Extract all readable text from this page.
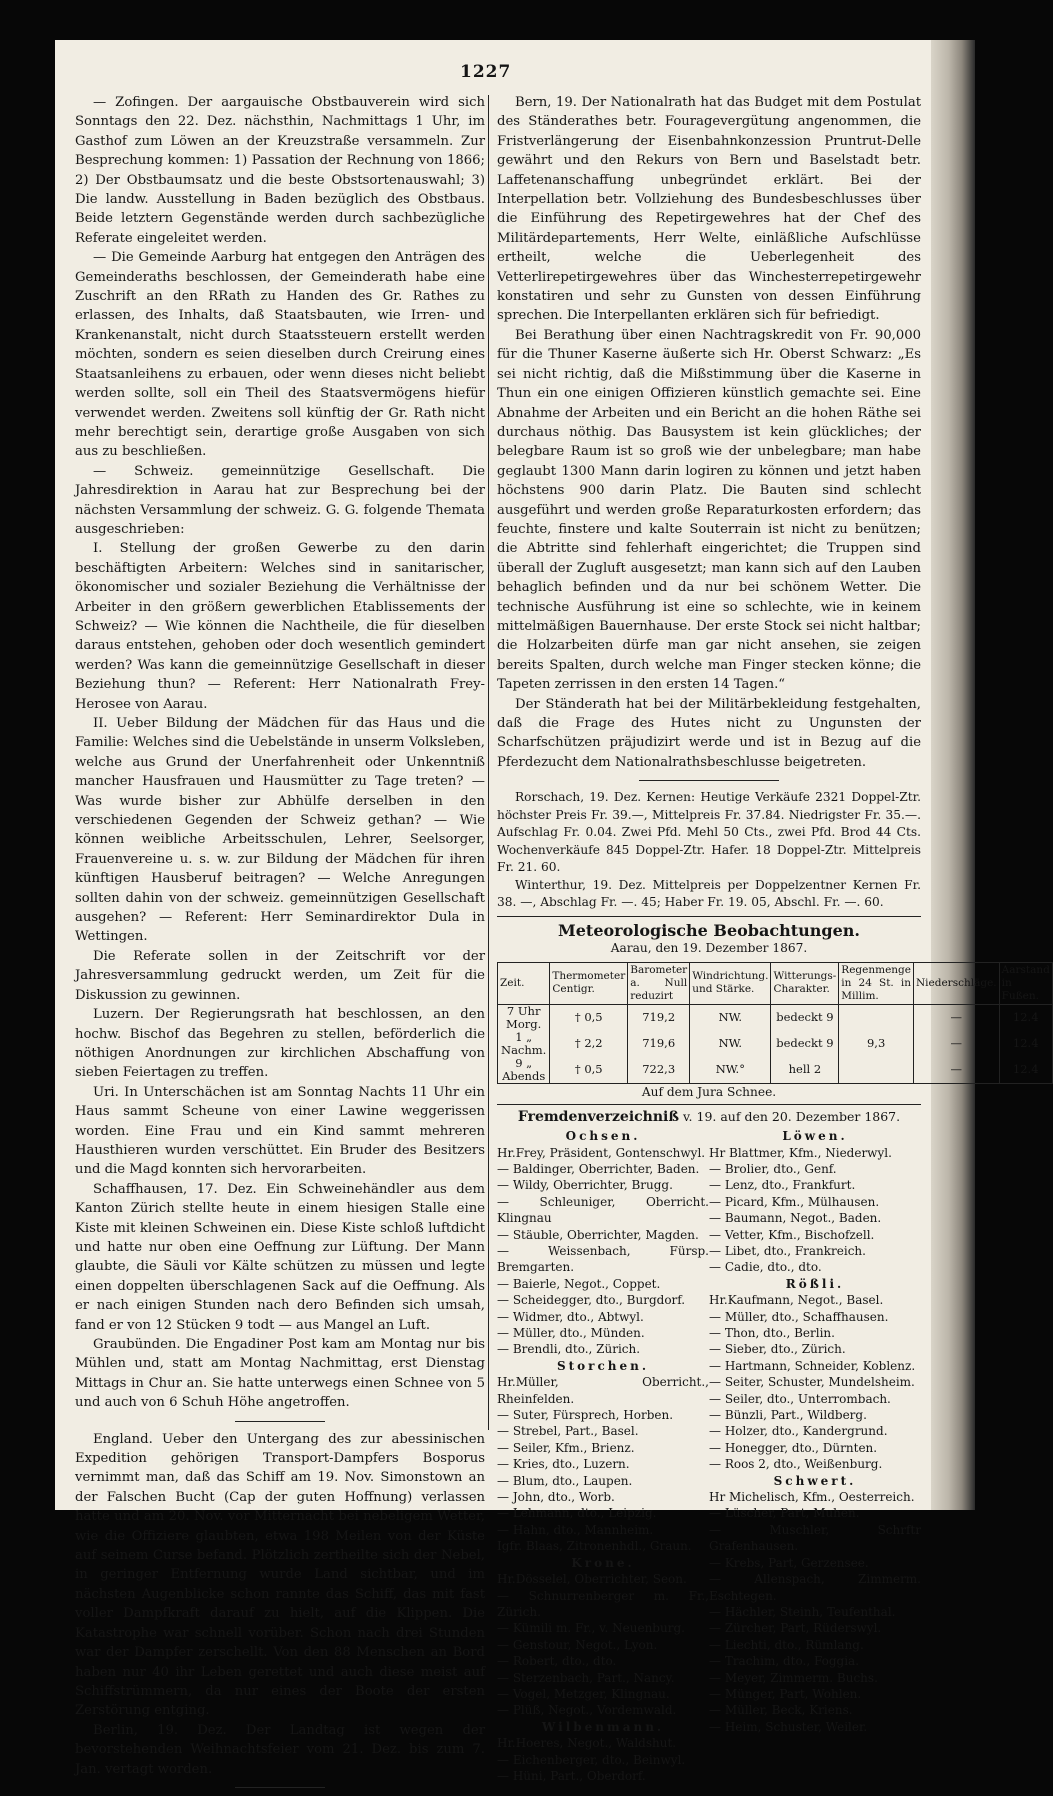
1227

— Zofingen. Der aargauische Obstbauverein wird sich Sonntags den 22. Dez. nächsthin, Nachmittags 1 Uhr, im Gasthof zum Löwen an der Kreuzstraße versammeln. Zur Besprechung kommen: 1) Passation der Rechnung von 1866; 2) Der Obstbaumsatz und die beste Obstsortenauswahl; 3) Die landw. Ausstellung in Baden bezüglich des Obstbaus. Beide letztern Gegenstände werden durch sachbezügliche Referate eingeleitet werden.

— Die Gemeinde Aarburg hat entgegen den Anträgen des Gemeinderaths beschlossen, der Gemeinderath habe eine Zuschrift an den RRath zu Handen des Gr. Rathes zu erlassen, des Inhalts, daß Staatsbauten, wie Irren- und Krankenanstalt, nicht durch Staatssteuern erstellt werden möchten, sondern es seien dieselben durch Creirung eines Staatsanleihens zu erbauen, oder wenn dieses nicht beliebt werden sollte, soll ein Theil des Staatsvermögens hiefür verwendet werden. Zweitens soll künftig der Gr. Rath nicht mehr berechtigt sein, derartige große Ausgaben von sich aus zu beschließen.

— Schweiz. gemeinnützige Gesellschaft. Die Jahresdirektion in Aarau hat zur Besprechung bei der nächsten Versammlung der schweiz. G. G. folgende Themata ausgeschrieben:

I. Stellung der großen Gewerbe zu den darin beschäftigten Arbeitern: Welches sind in sanitarischer, ökonomischer und sozialer Beziehung die Verhältnisse der Arbeiter in den größern gewerblichen Etablissements der Schweiz? — Wie können die Nachtheile, die für dieselben daraus entstehen, gehoben oder doch wesentlich gemindert werden? Was kann die gemeinnützige Gesellschaft in dieser Beziehung thun? — Referent: Herr Nationalrath Frey-Herosee von Aarau.

II. Ueber Bildung der Mädchen für das Haus und die Familie: Welches sind die Uebelstände in unserm Volksleben, welche aus Grund der Unerfahrenheit oder Unkenntniß mancher Hausfrauen und Hausmütter zu Tage treten? — Was wurde bisher zur Abhülfe derselben in den verschiedenen Gegenden der Schweiz gethan? — Wie können weibliche Arbeitsschulen, Lehrer, Seelsorger, Frauenvereine u. s. w. zur Bildung der Mädchen für ihren künftigen Hausberuf beitragen? — Welche Anregungen sollten dahin von der schweiz. gemeinnützigen Gesellschaft ausgehen? — Referent: Herr Seminardirektor Dula in Wettingen.

Die Referate sollen in der Zeitschrift vor der Jahresversammlung gedruckt werden, um Zeit für die Diskussion zu gewinnen.

Luzern. Der Regierungsrath hat beschlossen, an den hochw. Bischof das Begehren zu stellen, beförderlich die nöthigen Anordnungen zur kirchlichen Abschaffung von sieben Feiertagen zu treffen.

Uri. In Unterschächen ist am Sonntag Nachts 11 Uhr ein Haus sammt Scheune von einer Lawine weggerissen worden. Eine Frau und ein Kind sammt mehreren Hausthieren wurden verschüttet. Ein Bruder des Besitzers und die Magd konnten sich hervorarbeiten.

Schaffhausen, 17. Dez. Ein Schweinehändler aus dem Kanton Zürich stellte heute in einem hiesigen Stalle eine Kiste mit kleinen Schweinen ein. Diese Kiste schloß luftdicht und hatte nur oben eine Oeffnung zur Lüftung. Der Mann glaubte, die Säuli vor Kälte schützen zu müssen und legte einen doppelten überschlagenen Sack auf die Oeffnung. Als er nach einigen Stunden nach dero Befinden sich umsah, fand er von 12 Stücken 9 todt — aus Mangel an Luft.

Graubünden. Die Engadiner Post kam am Montag nur bis Mühlen und, statt am Montag Nachmittag, erst Dienstag Mittags in Chur an. Sie hatte unterwegs einen Schnee von 5 und auch von 6 Schuh Höhe angetroffen.

England. Ueber den Untergang des zur abessinischen Expedition gehörigen Transport-Dampfers Bosporus vernimmt man, daß das Schiff am 19. Nov. Simonstown an der Falschen Bucht (Cap der guten Hoffnung) verlassen hatte und am 20. Nov. vor Mitternacht bei nebeligem Wetter, wie die Offiziere glaubten, etwa 198 Meilen von der Küste auf seinem Curse befand. Plötzlich zertheilte sich der Nebel, in geringer Entfernung wurde Land sichtbar, und im nächsten Augenblicke schon rannte das Schiff, das mit fast voller Dampfkraft darauf zu hielt, auf die Klippen. Die Katastrophe war schnell vorüber. Schon nach drei Stunden war der Dampfer zerschellt. Von den 88 Menschen an Bord haben nur 40 ihr Leben gerettet und auch diese meist auf Schiffstrümmern, da nur eines der Boote der ersten Zerstörung entging.

Berlin, 19. Dez. Der Landtag ist wegen der bevorstehenden Weihnachtsfeier vom 21. Dez. bis zum 7. Jan. vertagt worden.

Bern, 19. Der Nationalrath hat das Budget mit dem Postulat des Ständerathes betr. Fouragevergütung angenommen, die Fristverlängerung der Eisenbahnkonzession Pruntrut-Delle gewährt und den Rekurs von Bern und Baselstadt betr. Laffetenanschaffung unbegründet erklärt. Bei der Interpellation betr. Vollziehung des Bundesbeschlusses über die Einführung des Repetirgewehres hat der Chef des Militärdepartements, Herr Welte, einläßliche Aufschlüsse ertheilt, welche die Ueberlegenheit des Vetterlirepetirgewehres über das Winchesterrepetirgewehr konstatiren und sehr zu Gunsten von dessen Einführung sprechen. Die Interpellanten erklären sich für befriedigt.

Bei Berathung über einen Nachtragskredit von Fr. 90,000 für die Thuner Kaserne äußerte sich Hr. Oberst Schwarz: „Es sei nicht richtig, daß die Mißstimmung über die Kaserne in Thun ein one einigen Offizieren künstlich gemachte sei. Eine Abnahme der Arbeiten und ein Bericht an die hohen Räthe sei durchaus nöthig. Das Bausystem ist kein glückliches; der belegbare Raum ist so groß wie der unbelegbare; man habe geglaubt 1300 Mann darin logiren zu können und jetzt haben höchstens 900 darin Platz. Die Bauten sind schlecht ausgeführt und werden große Reparaturkosten erfordern; das feuchte, finstere und kalte Souterrain ist nicht zu benützen; die Abtritte sind fehlerhaft eingerichtet; die Truppen sind überall der Zugluft ausgesetzt; man kann sich auf den Lauben behaglich befinden und da nur bei schönem Wetter. Die technische Ausführung ist eine so schlechte, wie in keinem mittelmäßigen Bauernhause. Der erste Stock sei nicht haltbar; die Holzarbeiten dürfe man gar nicht ansehen, sie zeigen bereits Spalten, durch welche man Finger stecken könne; die Tapeten zerrissen in den ersten 14 Tagen.“

Der Ständerath hat bei der Militärbekleidung festgehalten, daß die Frage des Hutes nicht zu Ungunsten der Scharfschützen präjudizirt werde und ist in Bezug auf die Pferdezucht dem Nationalrathsbeschlusse beigetreten.

Rorschach, 19. Dez. Kernen: Heutige Verkäufe 2321 Doppel-Ztr. höchster Preis Fr. 39.—, Mittelpreis Fr. 37.84. Niedrigster Fr. 35.—. Aufschlag Fr. 0.04. Zwei Pfd. Mehl 50 Cts., zwei Pfd. Brod 44 Cts. Wochenverkäufe 845 Doppel-Ztr. Hafer. 18 Doppel-Ztr. Mittelpreis Fr. 21. 60.

Winterthur, 19. Dez. Mittelpreis per Doppelzentner Kernen Fr. 38. —, Abschlag Fr. —. 45; Haber Fr. 19. 05, Abschl. Fr. —. 60.

Meteorologische Beobachtungen.
Aarau, den 19. Dezember 1867.
Zeit.	Thermometer Centigr.	Barometer a. Null reduzirt	Windrichtung. und Stärke.	Witterungs-Charakter.	Regenmenge in 24 St. in Millim.	Niederschläge.	Aarstand in Fußen.
7 Uhr Morg.	† 0,5	719,2	NW.	bedeckt 9		—	12.4
1 „ Nachm.	† 2,2	719,6	NW.	bedeckt 9	9,3	—	12.4
9 „ Abends	† 0,5	722,3	NW.°	hell 2		—	12.4
Auf dem Jura Schnee.
Fremdenverzeichniß v. 19. auf den 20. Dezember 1867.
Ochsen.
Hr.Frey, Präsident, Gontenschwyl.
— Baldinger, Oberrichter, Baden.
— Wildy, Oberrichter, Brugg.
— Schleuniger, Oberricht. Klingnau
— Stäuble, Oberrichter, Magden.
— Weissenbach, Fürsp. Bremgarten.
— Baierle, Negot., Coppet.
— Scheidegger, dto., Burgdorf.
— Widmer, dto., Abtwyl.
— Müller, dto., Münden.
— Brendli, dto., Zürich.
Storchen.
Hr.Müller, Oberricht., Rheinfelden.
— Suter, Fürsprech, Horben.
— Strebel, Part., Basel.
— Seiler, Kfm., Brienz.
— Kries, dto., Luzern.
— Blum, dto., Laupen.
— John, dto., Worb.
— Lehmann, dto., Leipzig.
— Hahn, dto., Mannheim.
Igfr. Blaas, Zitronenhdl., Graun.
Krone.
Hr.Dösselel, Oberrichter, Seon.
— Schnurrenberger m. Fr., Zürich.
— Kümili m. Fr., v. Neuenburg.
— Genstour, Negot., Lyon.
— Robert, dto., dto.
— Sterzenbach, Part., Nancy.
— Vogel, Metzger, Klingnau.
— Plüß, Negot., Vordemwald.
Wilbenmann.
Hr.Hoeres, Negot., Waldshut.
— Eichenberger, dto., Beinwyl.
— Hüni, Part., Oberdorf.
Löwen.
Hr Blattmer, Kfm., Niederwyl.
— Brolier, dto., Genf.
— Lenz, dto., Frankfurt.
— Picard, Kfm., Mülhausen.
— Baumann, Negot., Baden.
— Vetter, Kfm., Bischofzell.
— Libet, dto., Frankreich.
— Cadie, dto., dto.
Rößli.
Hr.Kaufmann, Negot., Basel.
— Müller, dto., Schaffhausen.
— Thon, dto., Berlin.
— Sieber, dto., Zürich.
— Hartmann, Schneider, Koblenz.
— Seiter, Schuster, Mundelsheim.
— Seiler, dto., Unterrombach.
— Bünzli, Part., Wildberg.
— Holzer, dto., Kandergrund.
— Honegger, dto., Dürnten.
— Roos 2, dto., Weißenburg.
Schwert.
Hr Michelisch, Kfm., Oesterreich.
— Lüscher, Part, Muhen.
— Muschler, Schrftr Grafenhausen.
— Krebs, Part, Gerzensee.
— Allenspach, Zimmerm. Eschtegen.
— Hächler, Steinh, Teufenthal.
— Zürcher, Part, Rüderswyl.
— Liechti, dto., Rümlang.
— Trachim, dto., Foggia.
— Meyer, Zimmerm. Buchs.
— Münger, Part, Wohlen.
— Müller, Beck, Kriens.
— Heim, Schuster, Weiler.
